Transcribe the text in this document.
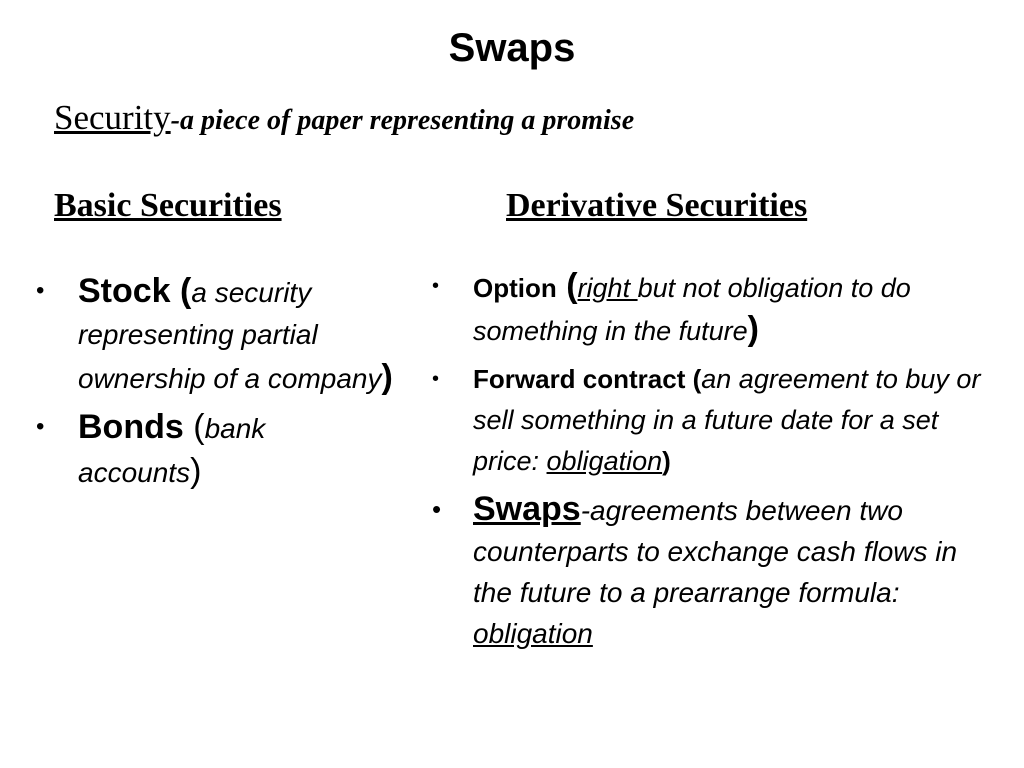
Swaps
Security-a piece of paper representing a promise
Basic Securities	Derivative Securities
• Stock (a security representing partial ownership of a company)
• Bonds (bank accounts)
• Option (right but not obligation to do something in the future)
• Forward contract (an agreement to buy or sell something in a future date for a set price: obligation)
• Swaps-agreements between two counterparts to exchange cash flows in the future to a prearrange formula: obligation
